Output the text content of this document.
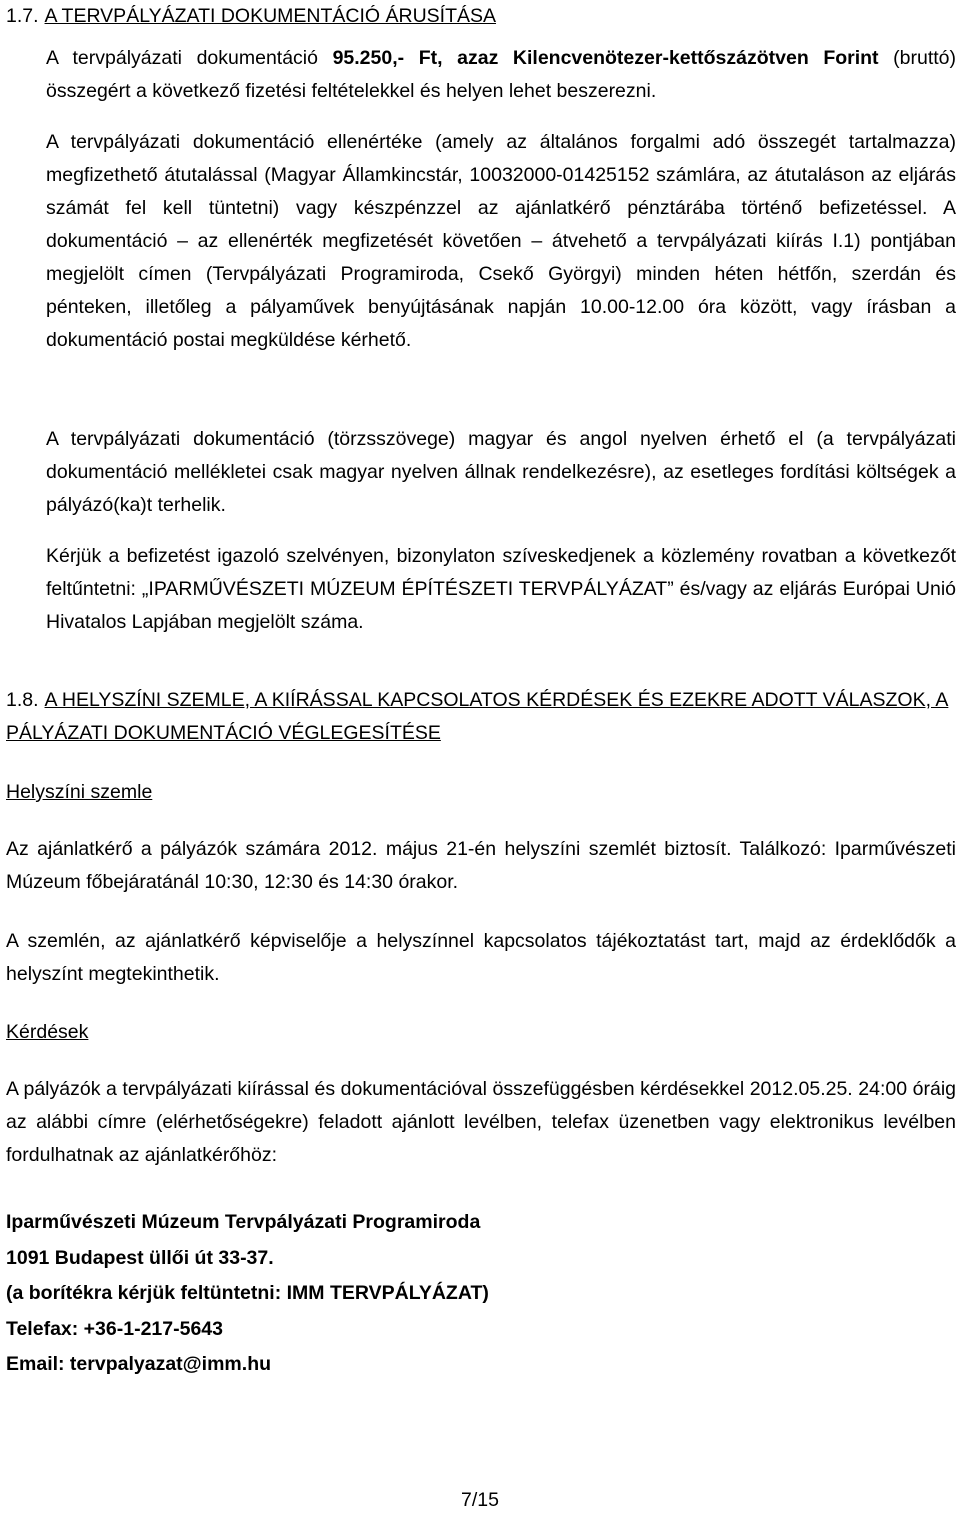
1.7. A TERVPÁLYÁZATI DOKUMENTÁCIÓ ÁRUSÍTÁSA

A tervpályázati dokumentáció 95.250,- Ft, azaz Kilencvenötezer-kettőszázötven Forint (bruttó) összegért a következő fizetési feltételekkel és helyen lehet beszerezni.

A tervpályázati dokumentáció ellenértéke (amely az általános forgalmi adó összegét tartalmazza) megfizethető átutalással (Magyar Államkincstár, 10032000-01425152 számlára, az átutaláson az eljárás számát fel kell tüntetni) vagy készpénzzel az ajánlatkérő pénztárába történő befizetéssel. A dokumentáció – az ellenérték megfizetését követően – átvehető a tervpályázati kiírás I.1) pontjában megjelölt címen (Tervpályázati Programiroda, Csekő Györgyi) minden héten hétfőn, szerdán és pénteken, illetőleg a pályaművek benyújtásának napján 10.00-12.00 óra között, vagy írásban a dokumentáció postai megküldése kérhető.

A tervpályázati dokumentáció (törzsszövege) magyar és angol nyelven érhető el (a tervpályázati dokumentáció mellékletei csak magyar nyelven állnak rendelkezésre), az esetleges fordítási költségek a pályázó(ka)t terhelik.

Kérjük a befizetést igazoló szelvényen, bizonylaton szíveskedjenek a közlemény rovatban a következőt feltűntetni: „IPARMŰVÉSZETI MÚZEUM ÉPÍTÉSZETI TERVPÁLYÁZAT” és/vagy az eljárás Európai Unió Hivatalos Lapjában megjelölt száma.

1.8. A HELYSZÍNI SZEMLE, A KIÍRÁSSAL KAPCSOLATOS KÉRDÉSEK ÉS EZEKRE ADOTT VÁLASZOK, A PÁLYÁZATI DOKUMENTÁCIÓ VÉGLEGESÍTÉSE

Helyszíni szemle

Az ajánlatkérő a pályázók számára 2012. május 21-én helyszíni szemlét biztosít. Találkozó: Iparművészeti Múzeum főbejáratánál 10:30, 12:30 és 14:30 órakor.

A szemlén, az ajánlatkérő képviselője a helyszínnel kapcsolatos tájékoztatást tart, majd az érdeklődők a helyszínt megtekinthetik.

Kérdések

A pályázók a tervpályázati kiírással és dokumentációval összefüggésben kérdésekkel 2012.05.25. 24:00 óráig az alábbi címre (elérhetőségekre) feladott ajánlott levélben, telefax üzenetben vagy elektronikus levélben fordulhatnak az ajánlatkérőhöz:

Iparművészeti Múzeum Tervpályázati Programiroda
1091 Budapest üllői út 33-37.
(a borítékra kérjük feltüntetni: IMM TERVPÁLYÁZAT)
Telefax: +36-1-217-5643
Email: tervpalyazat@imm.hu
7/15
